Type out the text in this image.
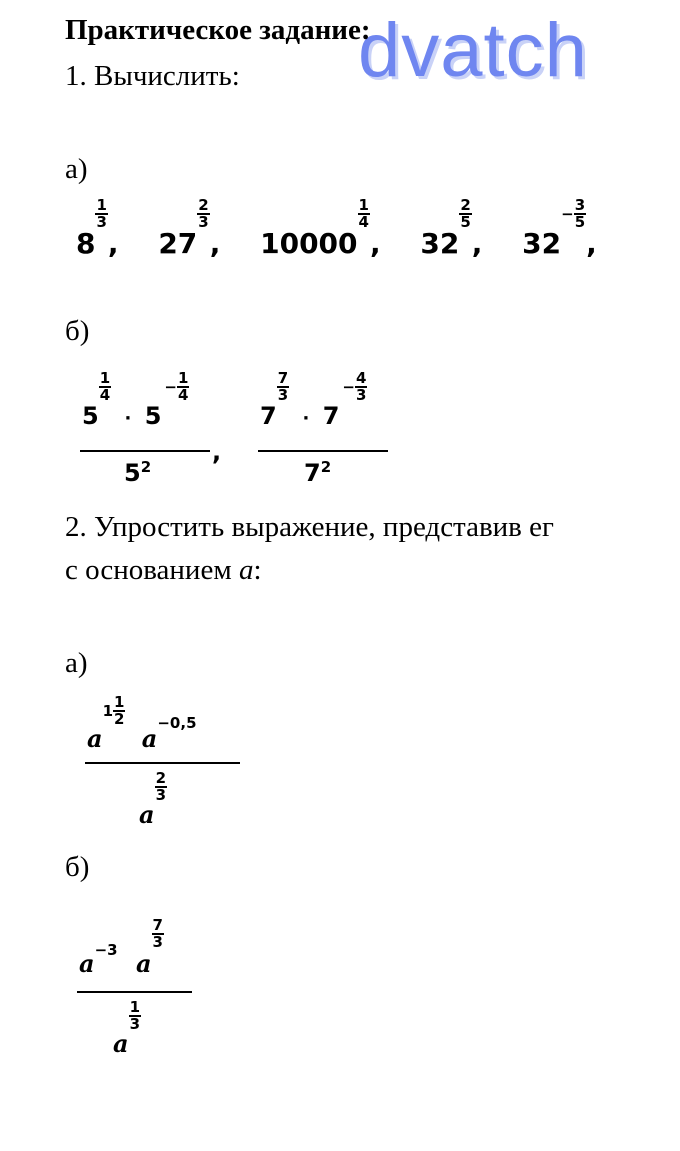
dvatch
Практическое задание:
1. Вычислить:
а)
8
$\frac{1}{3}$
, 27
$\frac{2}{3}$
, 10000
$\frac{1}{4}$
, 32
$\frac{2}{5}$
, 32
− $\frac{3}{5}$
,
б)
5
$\frac{1}{4}$
· 5
− $\frac{1}{4}$
$5^2$
,
7
$\frac{7}{3}$
· 7
− $\frac{4}{3}$
$7^2$
2. Упростить выражение, представив ег
с основанием a:
а)
a
$1 \frac{1}{2}$

a
−0,5
a
$\frac{2}{3}$
б)
a −3
a
$\frac{7}{3}$
a
$\frac{1}{3}$
